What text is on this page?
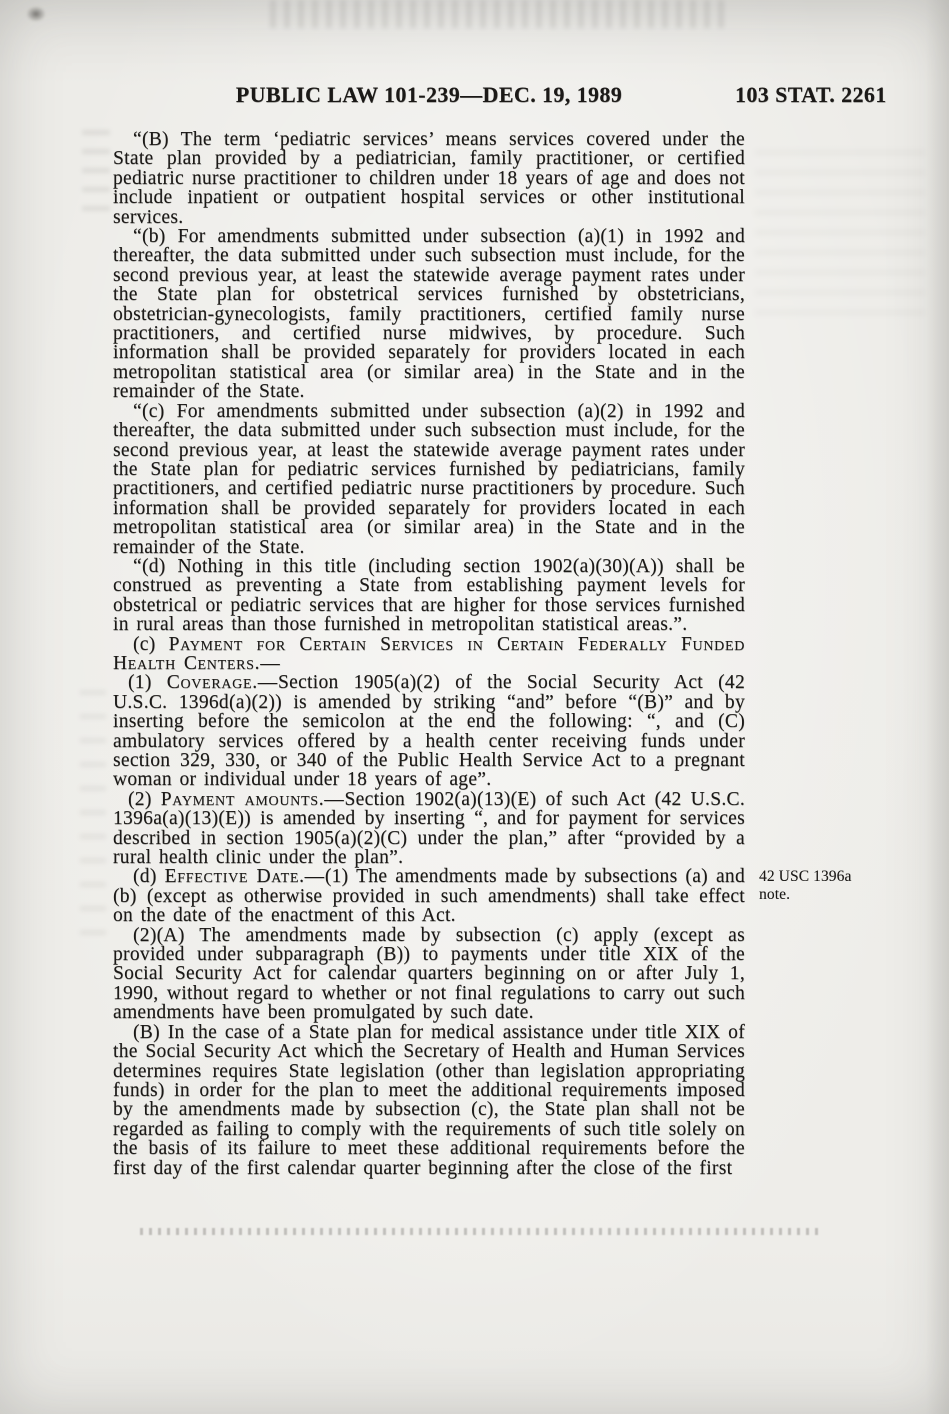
PUBLIC LAW 101-239—DEC. 19, 1989	103 STAT. 2261

“(B) The term ‘pediatric services’ means services covered under the State plan provided by a pediatrician, family practitioner, or certified pediatric nurse practitioner to children under 18 years of age and does not include inpatient or outpatient hospital services or other institutional services.

“(b) For amendments submitted under subsection (a)(1) in 1992 and thereafter, the data submitted under such subsection must include, for the second previous year, at least the statewide average payment rates under the State plan for obstetrical services furnished by obstetricians, obstetrician-gynecologists, family practitioners, certified family nurse practitioners, and certified nurse midwives, by procedure. Such information shall be provided separately for providers located in each metropolitan statistical area (or similar area) in the State and in the remainder of the State.

“(c) For amendments submitted under subsection (a)(2) in 1992 and thereafter, the data submitted under such subsection must include, for the second previous year, at least the statewide average payment rates under the State plan for pediatric services furnished by pediatricians, family practitioners, and certified pediatric nurse practitioners by procedure. Such information shall be provided separately for providers located in each metropolitan statistical area (or similar area) in the State and in the remainder of the State.

“(d) Nothing in this title (including section 1902(a)(30)(A)) shall be construed as preventing a State from establishing payment levels for obstetrical or pediatric services that are higher for those services furnished in rural areas than those furnished in metropolitan statistical areas.”.

(c) Payment for Certain Services in Certain Federally Funded Health Centers.—

(1) Coverage.—Section 1905(a)(2) of the Social Security Act (42 U.S.C. 1396d(a)(2)) is amended by striking “and” before “(B)” and by inserting before the semicolon at the end the following: “, and (C) ambulatory services offered by a health center receiving funds under section 329, 330, or 340 of the Public Health Service Act to a pregnant woman or individual under 18 years of age”.

(2) Payment amounts.—Section 1902(a)(13)(E) of such Act (42 U.S.C. 1396a(a)(13)(E)) is amended by inserting “, and for payment for services described in section 1905(a)(2)(C) under the plan,” after “provided by a rural health clinic under the plan”.

(d) Effective Date.—(1) The amendments made by subsections (a) and (b) (except as otherwise provided in such amendments) shall take effect on the date of the enactment of this Act.
42 USC 1396a note.

(2)(A) The amendments made by subsection (c) apply (except as provided under subparagraph (B)) to payments under title XIX of the Social Security Act for calendar quarters beginning on or after July 1, 1990, without regard to whether or not final regulations to carry out such amendments have been promulgated by such date.

(B) In the case of a State plan for medical assistance under title XIX of the Social Security Act which the Secretary of Health and Human Services determines requires State legislation (other than legislation appropriating funds) in order for the plan to meet the additional requirements imposed by the amendments made by subsection (c), the State plan shall not be regarded as failing to comply with the requirements of such title solely on the basis of its failure to meet these additional requirements before the first day of the first calendar quarter beginning after the close of the first
